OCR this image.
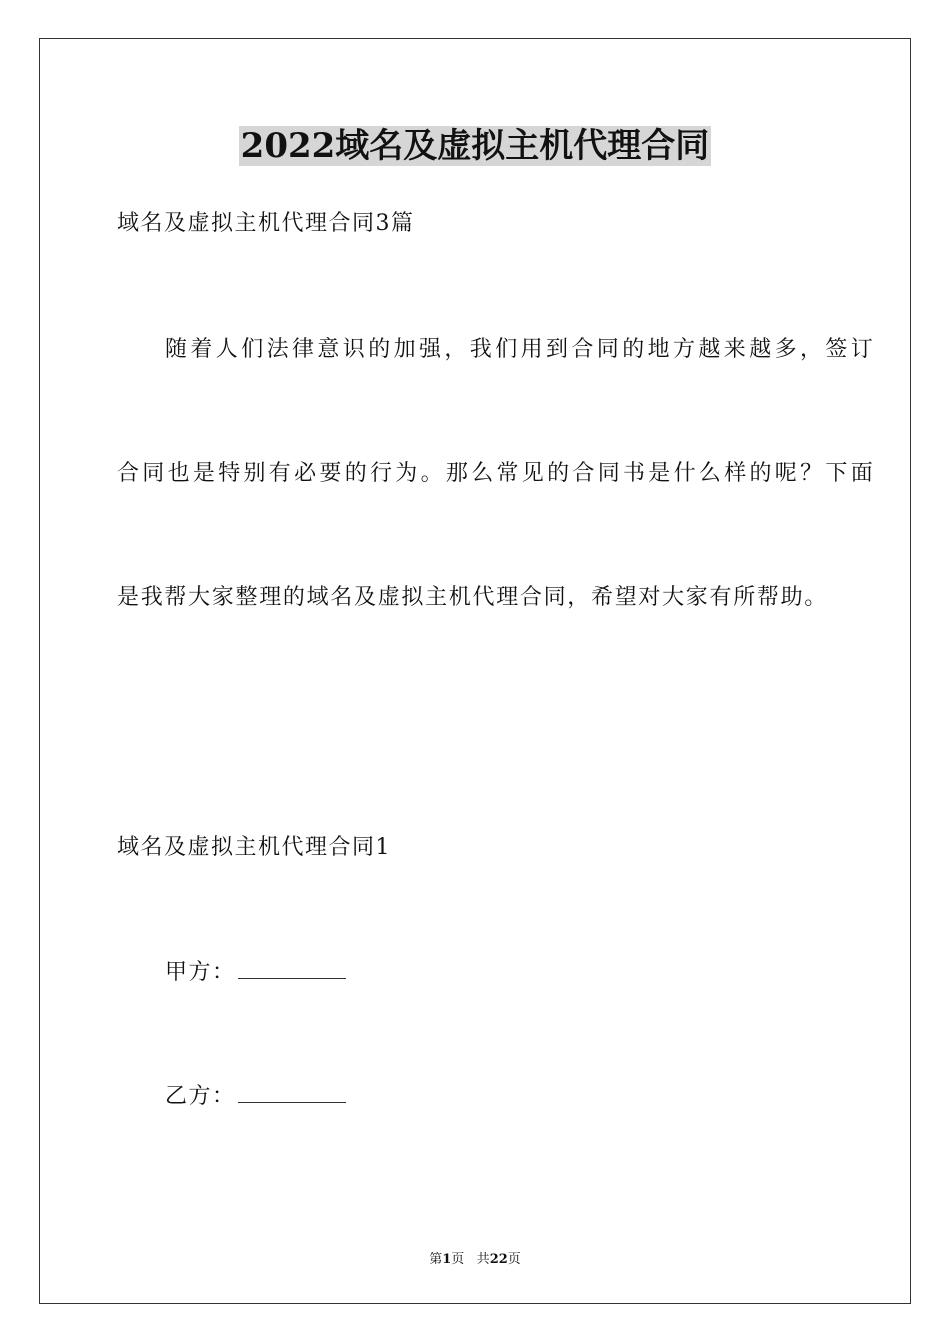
2022域名及虚拟主机代理合同
域名及虚拟主机代理合同3篇
随着人们法律意识的加强，我们用到合同的地方越来越多，签订
合同也是特别有必要的行为。那么常见的合同书是什么样的呢？下面
是我帮大家整理的域名及虚拟主机代理合同，希望对大家有所帮助。
域名及虚拟主机代理合同1
甲方：
乙方：
第1页 共22页
